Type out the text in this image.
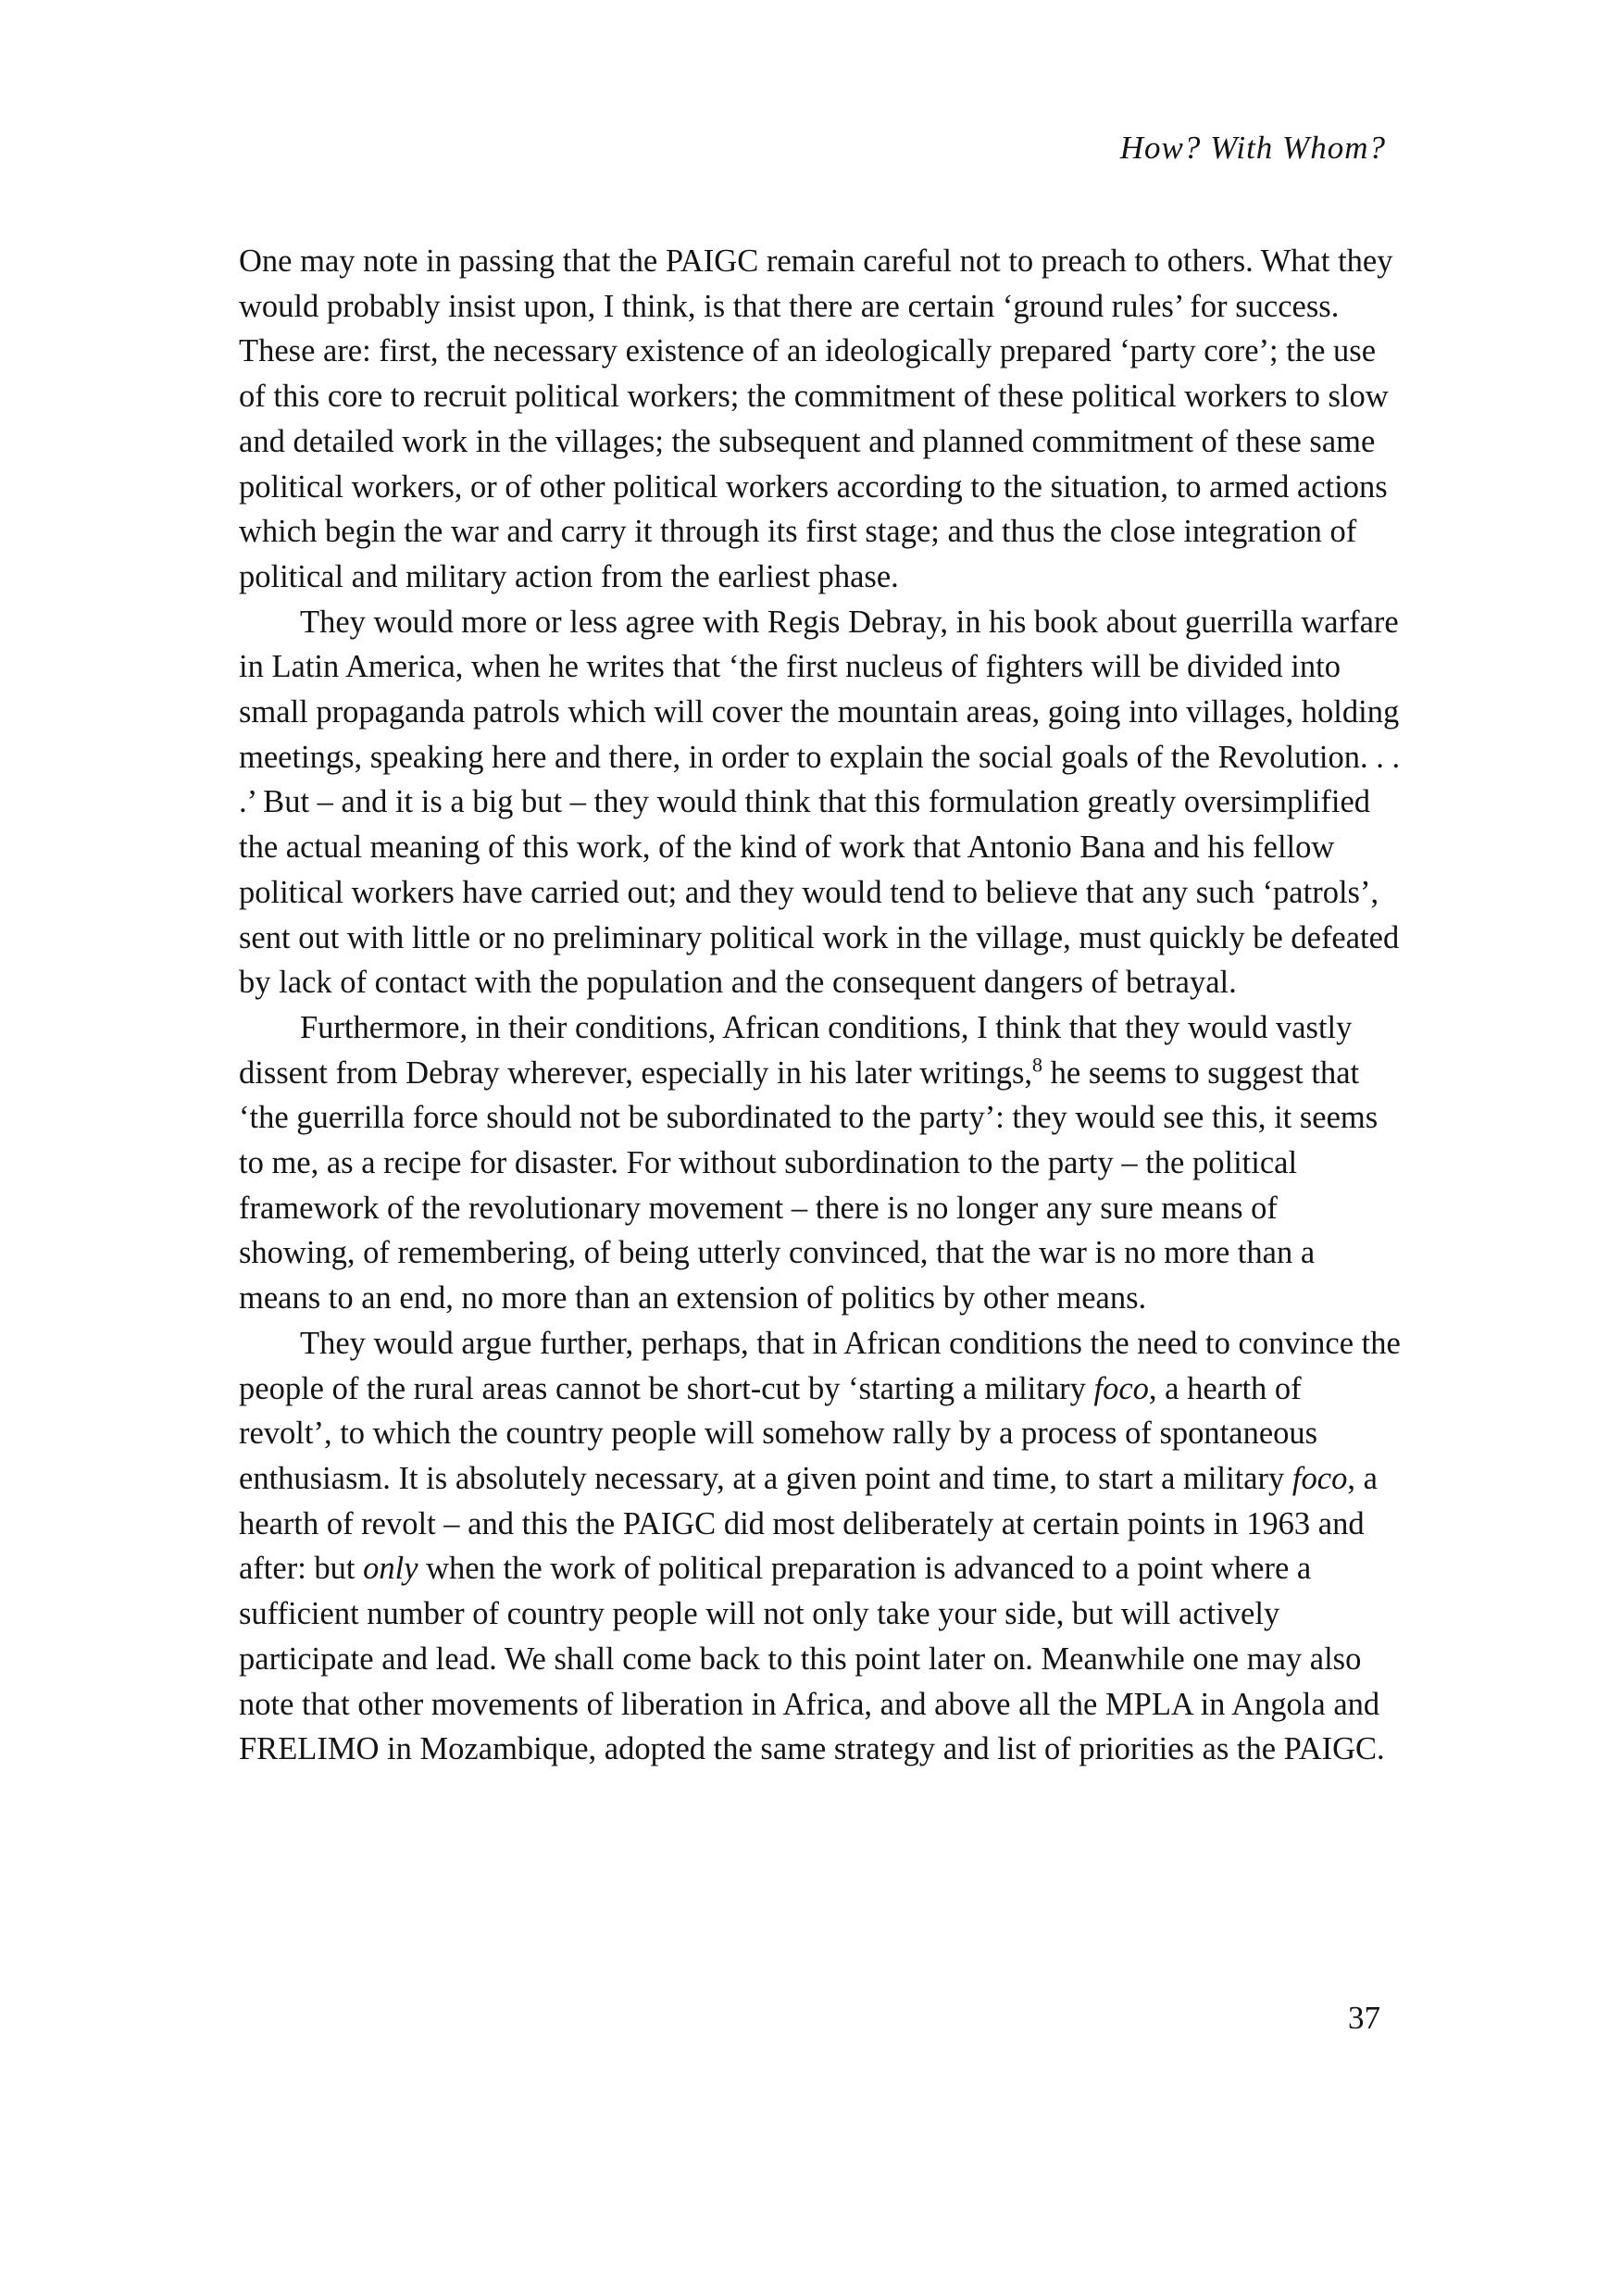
How? With Whom?

One may note in passing that the PAIGC remain careful not to preach to others. What they would probably insist upon, I think, is that there are certain ‘ground rules’ for success. These are: first, the necessary existence of an ideologically prepared ‘party core’; the use of this core to recruit political workers; the commitment of these political workers to slow and detailed work in the villages; the subsequent and planned commitment of these same political workers, or of other political workers according to the situation, to armed actions which begin the war and carry it through its first stage; and thus the close integration of political and military action from the earliest phase.

They would more or less agree with Regis Debray, in his book about guerrilla warfare in Latin America, when he writes that ‘the first nucleus of fighters will be divided into small propaganda patrols which will cover the mountain areas, going into villages, holding meetings, speaking here and there, in order to explain the social goals of the Revolution. . . .’ But – and it is a big but – they would think that this formulation greatly oversimplified the actual meaning of this work, of the kind of work that Antonio Bana and his fellow political workers have carried out; and they would tend to believe that any such ‘patrols’, sent out with little or no preliminary political work in the village, must quickly be defeated by lack of contact with the population and the consequent dangers of betrayal.

Furthermore, in their conditions, African conditions, I think that they would vastly dissent from Debray wherever, especially in his later writings,$^8$ he seems to suggest that ‘the guerrilla force should not be subordinated to the party’: they would see this, it seems to me, as a recipe for disaster. For without subordination to the party – the political framework of the revolutionary movement – there is no longer any sure means of showing, of remembering, of being utterly convinced, that the war is no more than a means to an end, no more than an extension of politics by other means.

They would argue further, perhaps, that in African conditions the need to convince the people of the rural areas cannot be short-cut by ‘starting a military foco, a hearth of revolt’, to which the country people will somehow rally by a process of spontaneous enthusiasm. It is absolutely necessary, at a given point and time, to start a military foco, a hearth of revolt – and this the PAIGC did most deliberately at certain points in 1963 and after: but only when the work of political preparation is advanced to a point where a sufficient number of country people will not only take your side, but will actively participate and lead. We shall come back to this point later on. Meanwhile one may also note that other movements of liberation in Africa, and above all the MPLA in Angola and FRELIMO in Mozambique, adopted the same strategy and list of priorities as the PAIGC.

37
